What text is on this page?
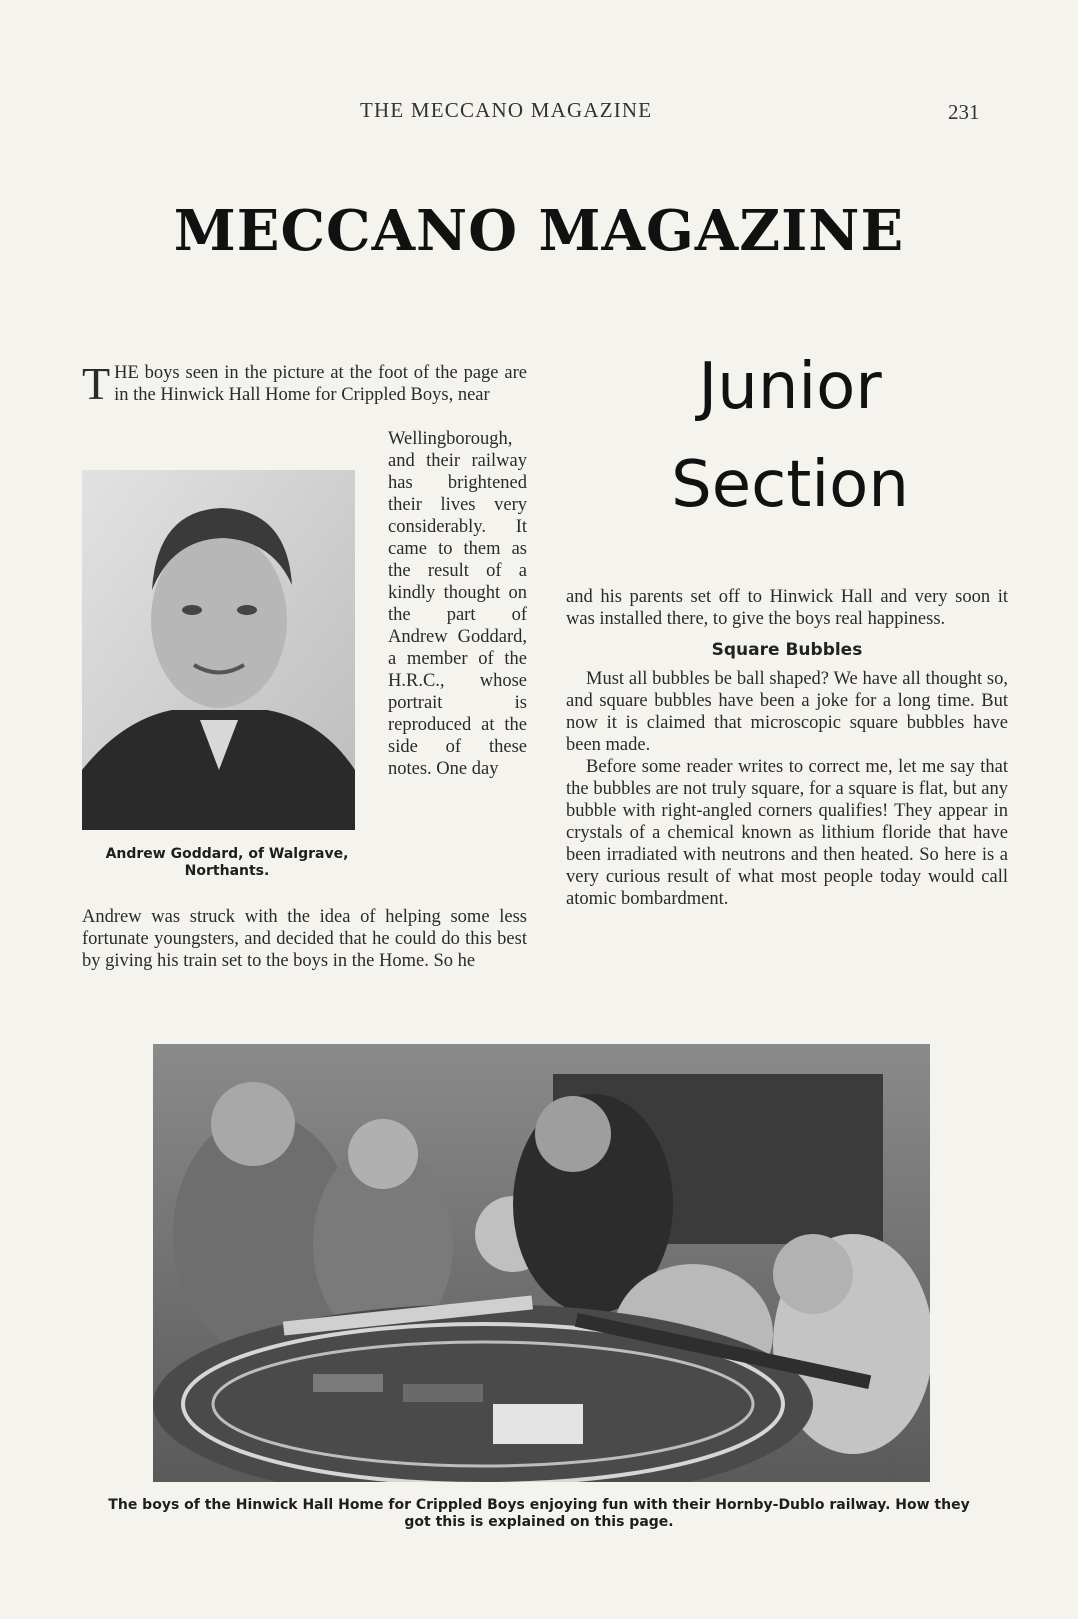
THE MECCANO MAGAZINE	231
MECCANO MAGAZINE
Junior
Section
T HE boys seen in the picture at the foot of the page are in the Hinwick Hall Home for Crippled Boys, near
Wellingborough, and their railway has brightened their lives very considerably. It came to them as the result of a kindly thought on the part of Andrew Goddard, a member of the H.R.C., whose portrait is reproduced at the side of these notes. One day
Andrew Goddard, of Walgrave, Northants.
Andrew was struck with the idea of helping some less fortunate youngsters, and decided that he could do this best by giving his train set to the boys in the Home. So he
and his parents set off to Hinwick Hall and very soon it was installed there, to give the boys real happiness.
Square Bubbles
Must all bubbles be ball shaped? We have all thought so, and square bubbles have been a joke for a long time. But now it is claimed that microscopic square bubbles have been made.
Before some reader writes to correct me, let me say that the bubbles are not truly square, for a square is flat, but any bubble with right-angled corners qualifies! They appear in crystals of a chemical known as lithium floride that have been irradiated with neutrons and then heated. So here is a very curious result of what most people today would call atomic bombardment.
The boys of the Hinwick Hall Home for Crippled Boys enjoying fun with their Hornby-Dublo railway. How they got this is explained on this page.
